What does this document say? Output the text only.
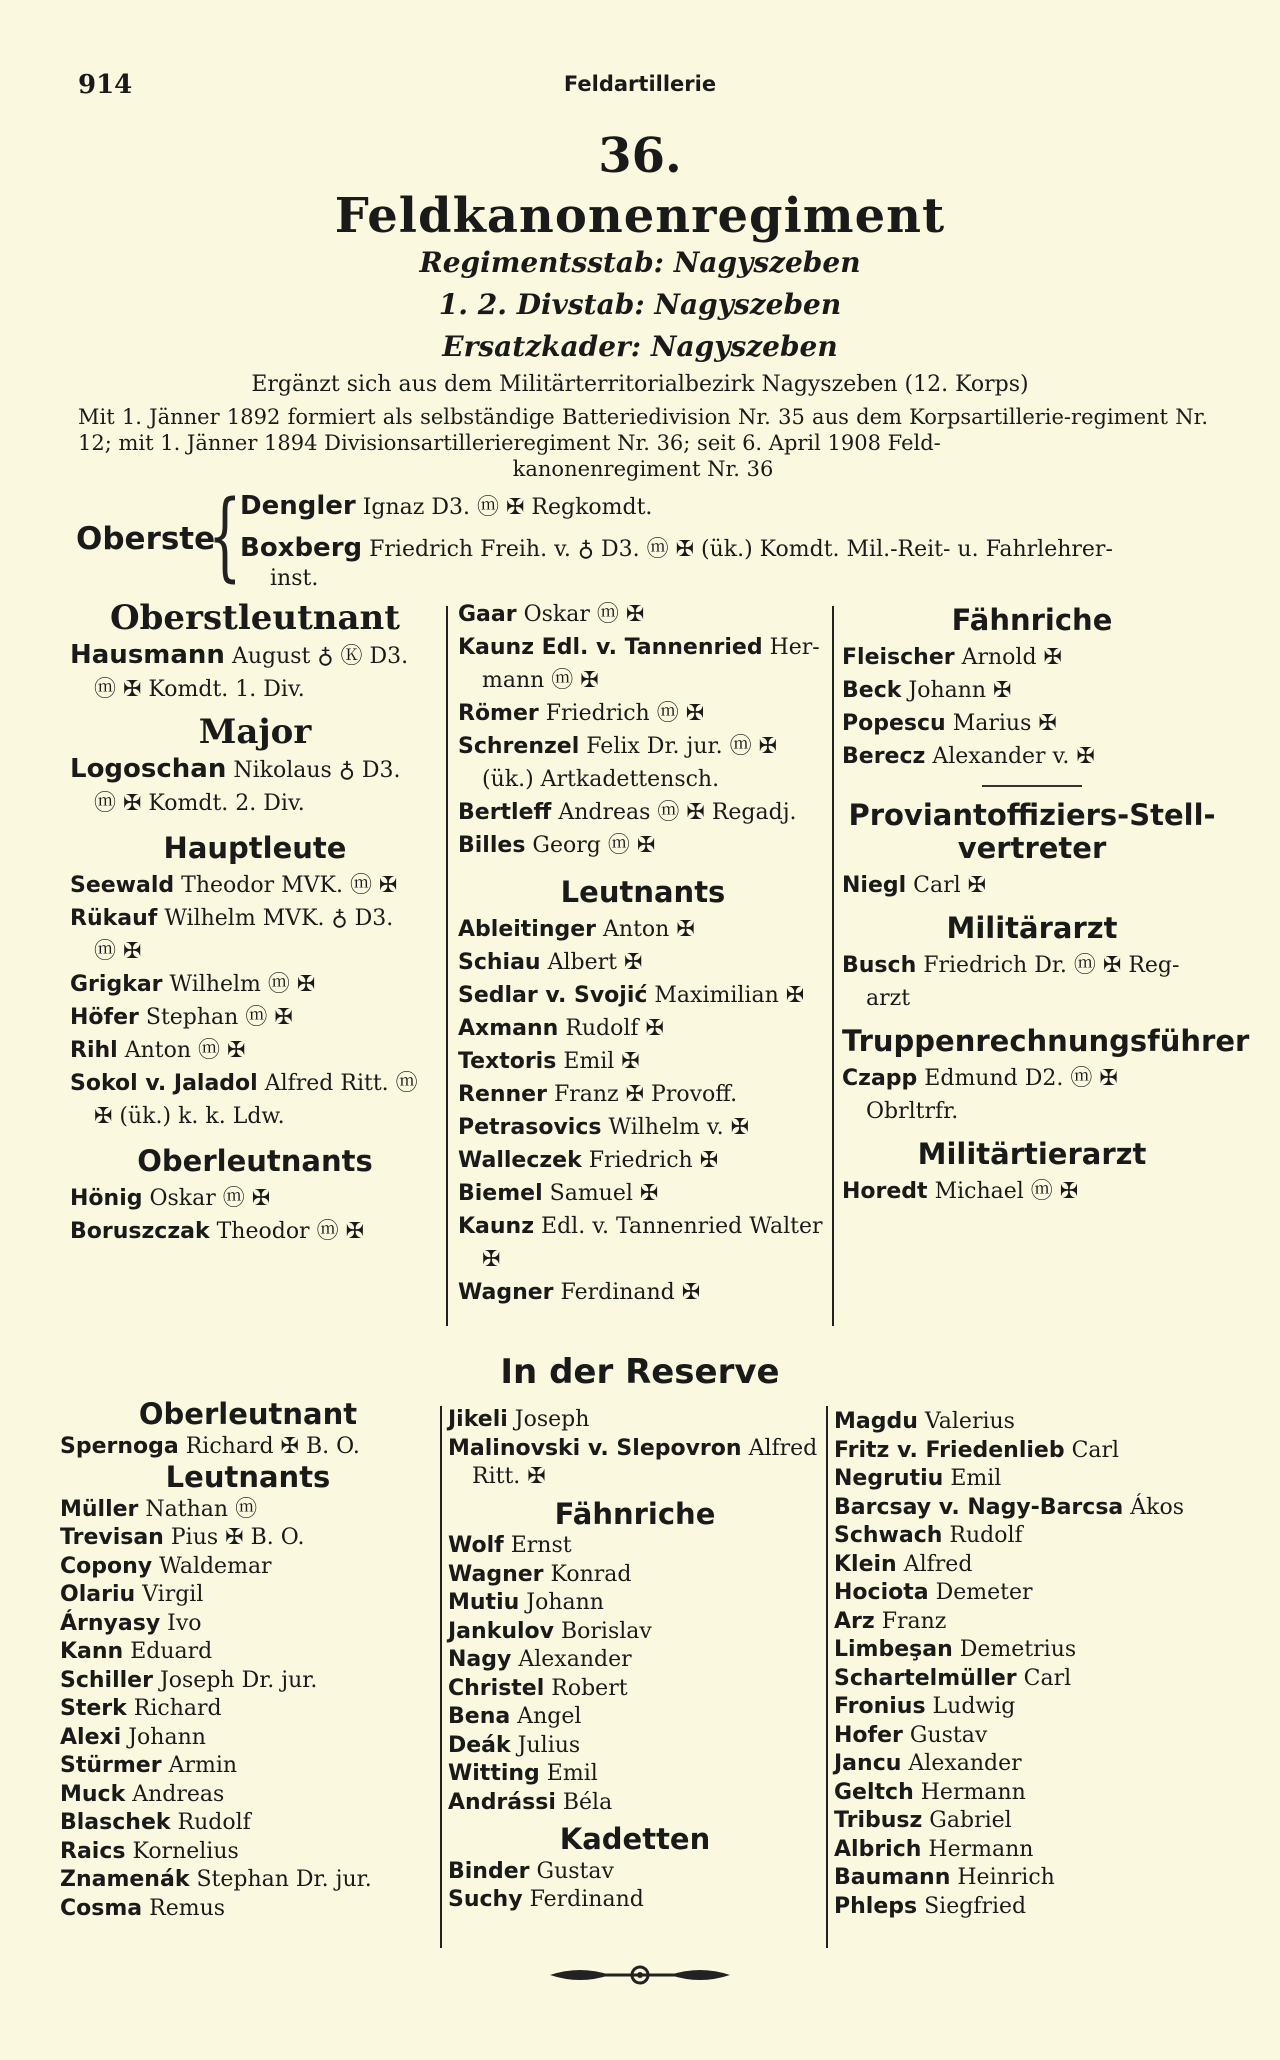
914	Feldartillerie
36.
Feldkanonenregiment
Regimentsstab: Nagyszeben
1. 2. Divstab: Nagyszeben
Ersatzkader: Nagyszeben
Ergänzt sich aus dem Militärterritorialbezirk Nagyszeben (12. Korps)
Mit 1. Jänner 1892 formiert als selbständige Batteriedivision Nr. 35 aus dem Korpsartillerie-regiment Nr. 12; mit 1. Jänner 1894 Divisionsartillerieregiment Nr. 36; seit 6. April 1908 Feld-
kanonenregiment Nr. 36
Oberste
{
Dengler Ignaz D3. ⓜ ✠ Regkomdt.
Boxberg Friedrich Freih. v. ♁ D3. ⓜ ✠ (ük.) Komdt. Mil.-Reit- u. Fahrlehrer-
inst.
Oberstleutnant
Hausmann August ♁ Ⓚ D3.
ⓜ ✠ Komdt. 1. Div.
Major
Logoschan Nikolaus ♁ D3.
ⓜ ✠ Komdt. 2. Div.
Hauptleute
Seewald Theodor MVK. ⓜ ✠
Rükauf Wilhelm MVK. ♁ D3.
ⓜ ✠
Grigkar Wilhelm ⓜ ✠
Höfer Stephan ⓜ ✠
Rihl Anton ⓜ ✠
Sokol v. Jaladol Alfred Ritt. ⓜ
✠ (ük.) k. k. Ldw.
Oberleutnants
Hönig Oskar ⓜ ✠
Boruszczak Theodor ⓜ ✠
Gaar Oskar ⓜ ✠
Kaunz Edl. v. Tannenried Her-
mann ⓜ ✠
Römer Friedrich ⓜ ✠
Schrenzel Felix Dr. jur. ⓜ ✠
(ük.) Artkadettensch.
Bertleff Andreas ⓜ ✠ Regadj.
Billes Georg ⓜ ✠
Leutnants
Ableitinger Anton ✠
Schiau Albert ✠
Sedlar v. Svojić Maximilian ✠
Axmann Rudolf ✠
Textoris Emil ✠
Renner Franz ✠ Provoff.
Petrasovics Wilhelm v. ✠
Walleczek Friedrich ✠
Biemel Samuel ✠
Kaunz Edl. v. Tannenried Walter
✠
Wagner Ferdinand ✠
Fähnriche
Fleischer Arnold ✠
Beck Johann ✠
Popescu Marius ✠
Berecz Alexander v. ✠
Proviantoffiziers-Stell-
vertreter
Niegl Carl ✠
Militärarzt
Busch Friedrich Dr. ⓜ ✠ Reg-
arzt
Truppenrechnungsführer
Czapp Edmund D2. ⓜ ✠
Obrltrfr.
Militärtierarzt
Horedt Michael ⓜ ✠
In der Reserve
Oberleutnant
Spernoga Richard ✠ B. O.
Leutnants
Müller Nathan ⓜ
Trevisan Pius ✠ B. O.
Copony Waldemar
Olariu Virgil
Árnyasy Ivo
Kann Eduard
Schiller Joseph Dr. jur.
Sterk Richard
Alexi Johann
Stürmer Armin
Muck Andreas
Blaschek Rudolf
Raics Kornelius
Znamenák Stephan Dr. jur.
Cosma Remus
Jikeli Joseph
Malinovski v. Slepovron Alfred
Ritt. ✠
Fähnriche
Wolf Ernst
Wagner Konrad
Mutiu Johann
Jankulov Borislav
Nagy Alexander
Christel Robert
Bena Angel
Deák Julius
Witting Emil
Andrássi Béla
Kadetten
Binder Gustav
Suchy Ferdinand
Magdu Valerius
Fritz v. Friedenlieb Carl
Negrutiu Emil
Barcsay v. Nagy-Barcsa Ákos
Schwach Rudolf
Klein Alfred
Hociota Demeter
Arz Franz
Limbeşan Demetrius
Schartelmüller Carl
Fronius Ludwig
Hofer Gustav
Jancu Alexander
Geltch Hermann
Tribusz Gabriel
Albrich Hermann
Baumann Heinrich
Phleps Siegfried
